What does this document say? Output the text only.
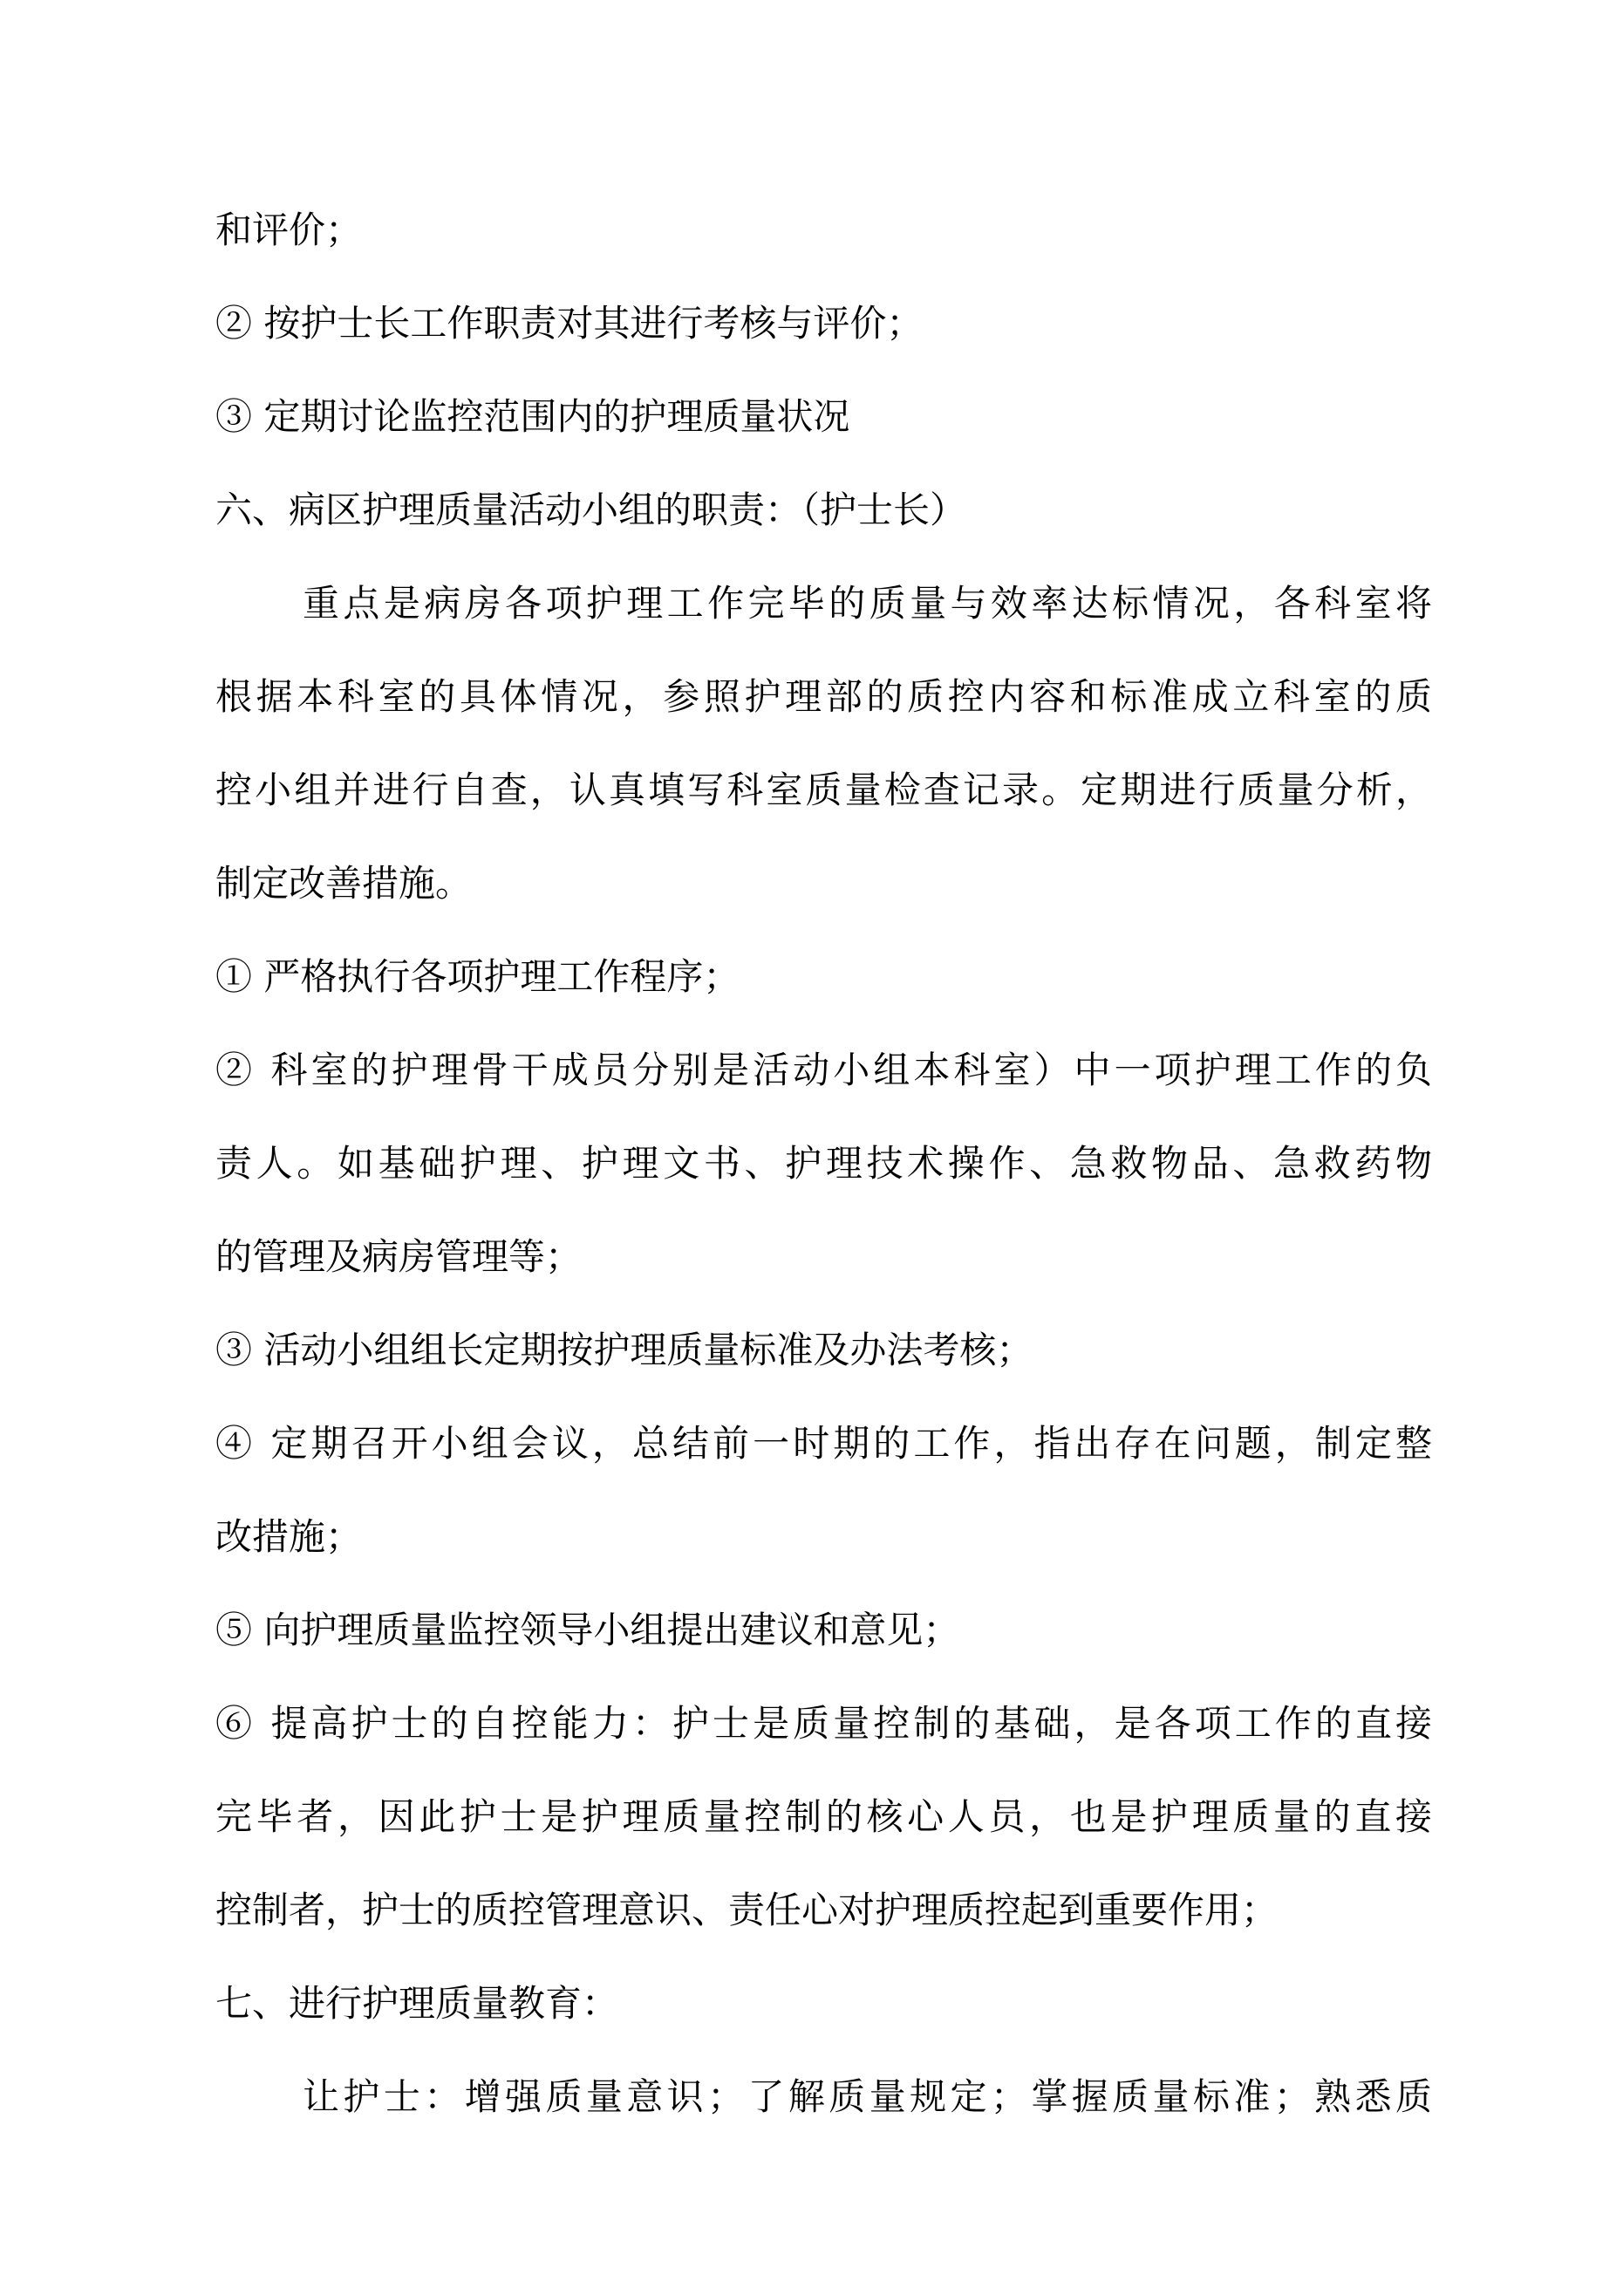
和评价；
② 按护士长工作职责对其进行考核与评价；
③ 定期讨论监控范围内的护理质量状况
六、病区护理质量活动小组的职责：（护士长）
重点是病房各项护理工作完毕的质量与效率达标情况，各科室将
根据本科室的具体情况，参照护理部的质控内容和标准成立科室的质
控小组并进行自查，认真填写科室质量检查记录。定期进行质量分析，
制定改善措施。
① 严格执行各项护理工作程序；
② 科室的护理骨干成员分别是活动小组本科室）中一项护理工作的负
责人。如基础护理、护理文书、护理技术操作、急救物品、急救药物
的管理及病房管理等；
③ 活动小组组长定期按护理质量标准及办法考核；
④ 定期召开小组会议，总结前一时期的工作，指出存在问题，制定整
改措施；
⑤ 向护理质量监控领导小组提出建议和意见；
⑥ 提高护士的自控能力：护士是质量控制的基础，是各项工作的直接
完毕者，因此护士是护理质量控制的核心人员，也是护理质量的直接
控制者，护士的质控管理意识、责任心对护理质控起到重要作用；
七、进行护理质量教育：
让护士：增强质量意识；了解质量规定；掌握质量标准；熟悉质
